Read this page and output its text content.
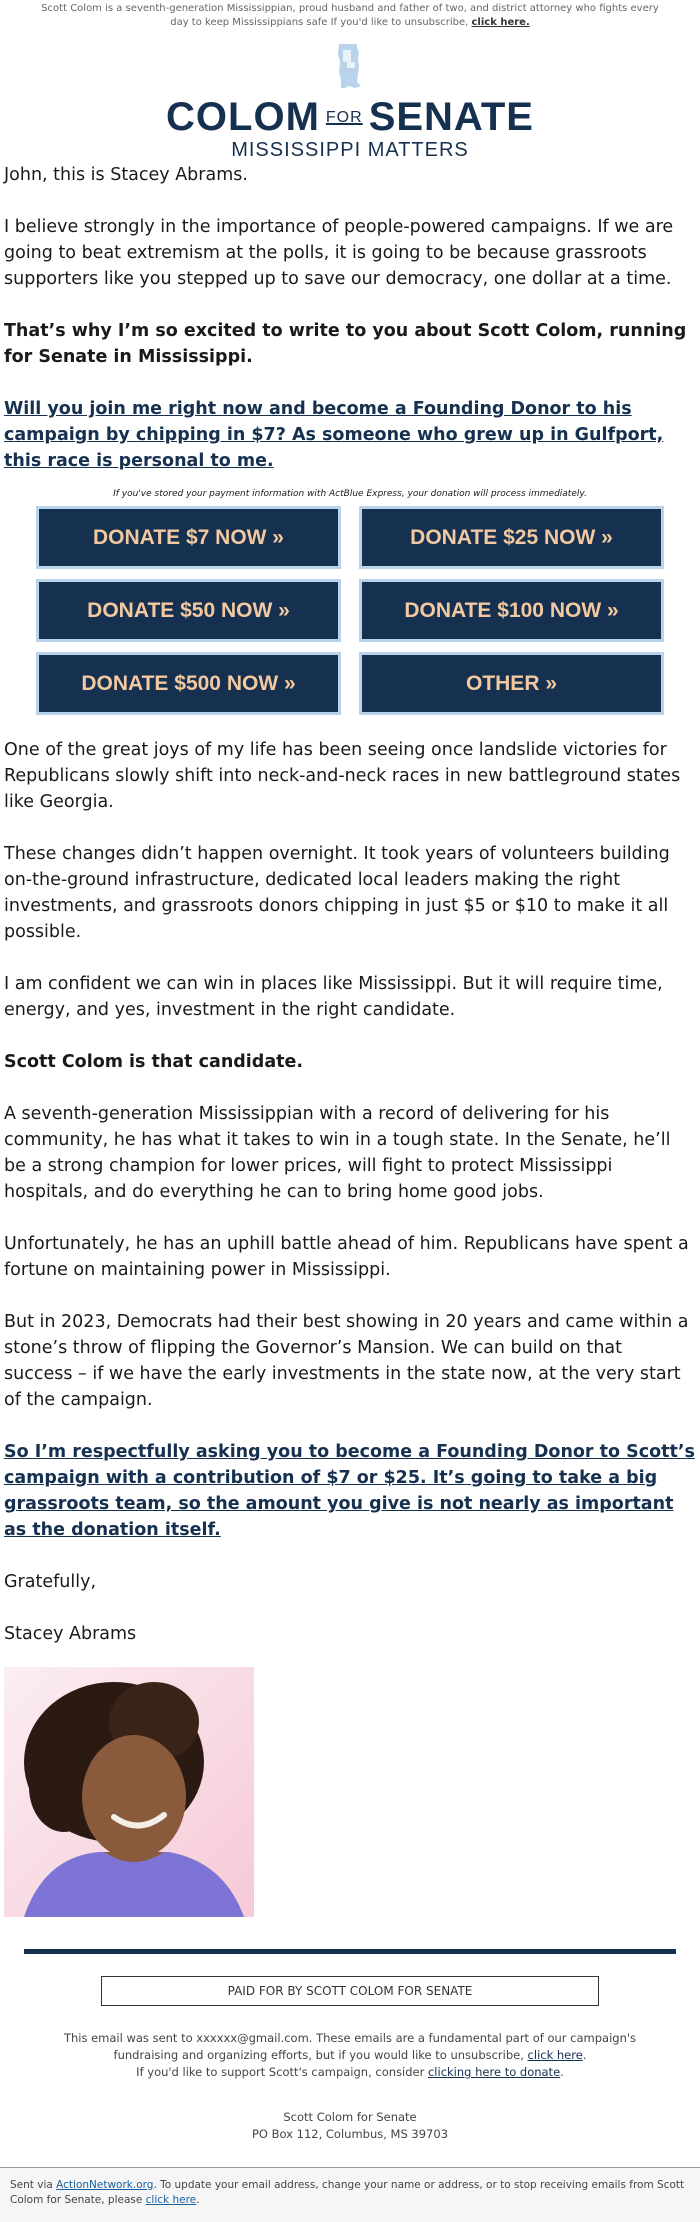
Scott Colom is a seventh-generation Mississippian, proud husband and father of two, and district attorney who fights every day to keep Mississippians safe If you'd like to unsubscribe, click here.
COLOM $^{FOR}$ SENATE
MISSISSIPPI MATTERS

John, this is Stacey Abrams.

I believe strongly in the importance of people-powered campaigns. If we are going to beat extremism at the polls, it is going to be because grassroots supporters like you stepped up to save our democracy, one dollar at a time.

That’s why I’m so excited to write to you about Scott Colom, running for Senate in Mississippi.

Will you join me right now and become a Founding Donor to his campaign by chipping in $7? As someone who grew up in Gulfport, this race is personal to me.

If you've stored your payment information with ActBlue Express, your donation will process immediately.
DONATE $7 NOW »	DONATE $25 NOW »
DONATE $50 NOW »	DONATE $100 NOW »
DONATE $500 NOW »	OTHER »

One of the great joys of my life has been seeing once landslide victories for Republicans slowly shift into neck-and-neck races in new battleground states like Georgia.

These changes didn’t happen overnight. It took years of volunteers building on-the-ground infrastructure, dedicated local leaders making the right investments, and grassroots donors chipping in just $5 or $10 to make it all possible.

I am confident we can win in places like Mississippi. But it will require time, energy, and yes, investment in the right candidate.

Scott Colom is that candidate.

A seventh-generation Mississippian with a record of delivering for his community, he has what it takes to win in a tough state. In the Senate, he’ll be a strong champion for lower prices, will fight to protect Mississippi hospitals, and do everything he can to bring home good jobs.

Unfortunately, he has an uphill battle ahead of him. Republicans have spent a fortune on maintaining power in Mississippi.

But in 2023, Democrats had their best showing in 20 years and came within a stone’s throw of flipping the Governor’s Mansion. We can build on that success – if we have the early investments in the state now, at the very start of the campaign.

So I’m respectfully asking you to become a Founding Donor to Scott’s campaign with a contribution of $7 or $25. It’s going to take a big grassroots team, so the amount you give is not nearly as important as the donation itself.

Gratefully,

Stacey Abrams

PAID FOR BY SCOTT COLOM FOR SENATE
This email was sent to xxxxxx@gmail.com. These emails are a fundamental part of our campaign's fundraising and organizing efforts, but if you would like to unsubscribe, click here.
If you'd like to support Scott's campaign, consider clicking here to donate.
Scott Colom for Senate
PO Box 112, Columbus, MS 39703
Sent via ActionNetwork.org. To update your email address, change your name or address, or to stop receiving emails from Scott Colom for Senate, please click here.
